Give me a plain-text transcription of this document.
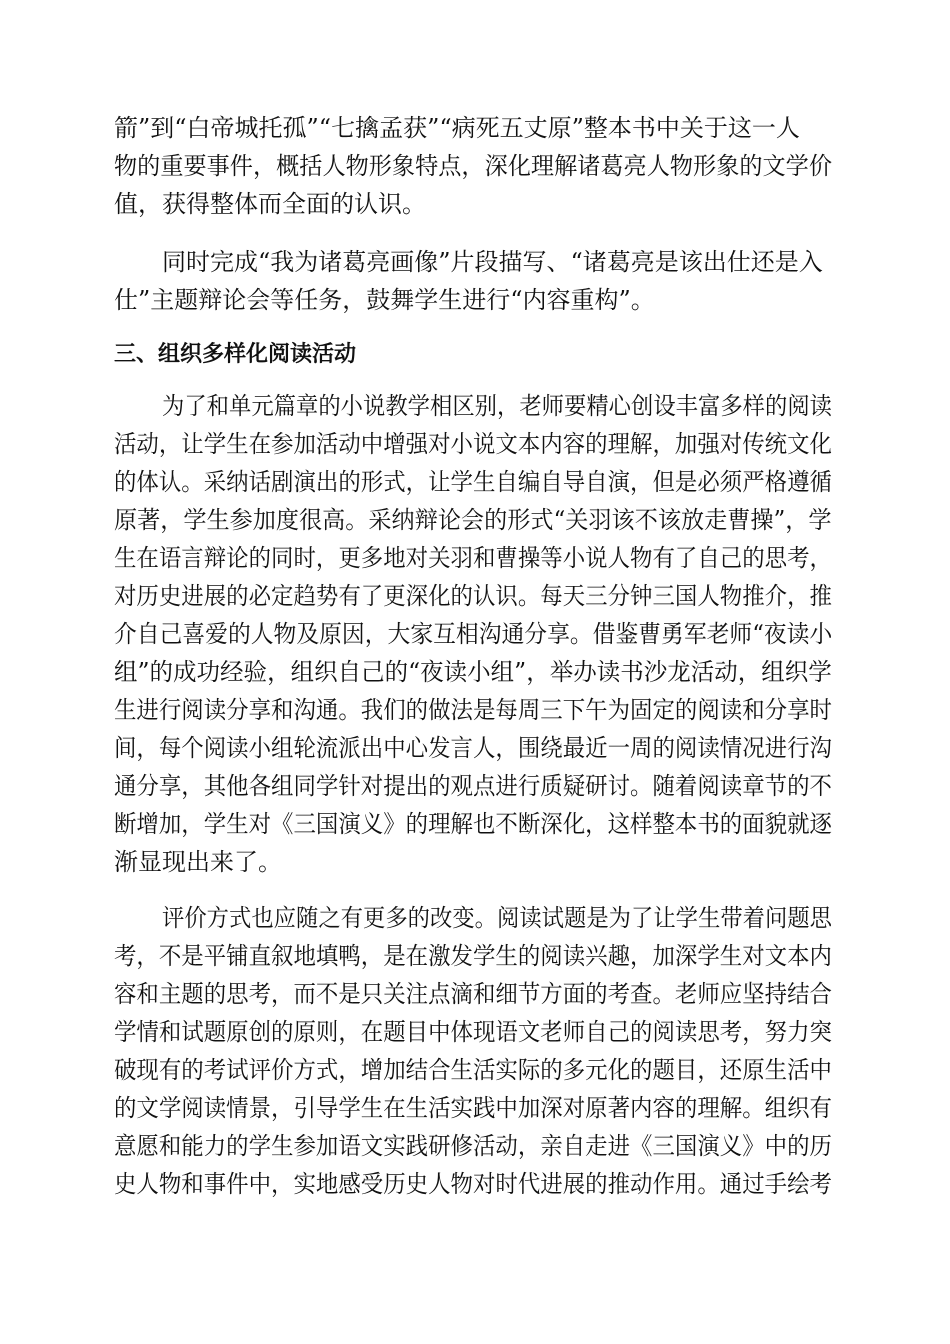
箭”到“白帝城托孤”“七擒孟获”“病死五丈原”整本书中关于这一人
物的重要事件，概括人物形象特点，深化理解诸葛亮人物形象的文学价
值，获得整体而全面的认识。
同时完成“我为诸葛亮画像”片段描写、“诸葛亮是该出仕还是入
仕”主题辩论会等任务，鼓舞学生进行“内容重构”。
三、组织多样化阅读活动
为了和单元篇章的小说教学相区别，老师要精心创设丰富多样的阅读
活动，让学生在参加活动中增强对小说文本内容的理解，加强对传统文化
的体认。采纳话剧演出的形式，让学生自编自导自演，但是必须严格遵循
原著，学生参加度很高。采纳辩论会的形式“关羽该不该放走曹操”，学
生在语言辩论的同时，更多地对关羽和曹操等小说人物有了自己的思考，
对历史进展的必定趋势有了更深化的认识。每天三分钟三国人物推介，推
介自己喜爱的人物及原因，大家互相沟通分享。借鉴曹勇军老师“夜读小
组”的成功经验，组织自己的“夜读小组”，举办读书沙龙活动，组织学
生进行阅读分享和沟通。我们的做法是每周三下午为固定的阅读和分享时
间，每个阅读小组轮流派出中心发言人，围绕最近一周的阅读情况进行沟
通分享，其他各组同学针对提出的观点进行质疑研讨。随着阅读章节的不
断增加，学生对《三国演义》的理解也不断深化，这样整本书的面貌就逐
渐显现出来了。
评价方式也应随之有更多的改变。阅读试题是为了让学生带着问题思
考，不是平铺直叙地填鸭，是在激发学生的阅读兴趣，加深学生对文本内
容和主题的思考，而不是只关注点滴和细节方面的考查。老师应坚持结合
学情和试题原创的原则，在题目中体现语文老师自己的阅读思考，努力突
破现有的考试评价方式，增加结合生活实际的多元化的题目，还原生活中
的文学阅读情景，引导学生在生活实践中加深对原著内容的理解。组织有
意愿和能力的学生参加语文实践研修活动，亲自走进《三国演义》中的历
史人物和事件中，实地感受历史人物对时代进展的推动作用。通过手绘考
